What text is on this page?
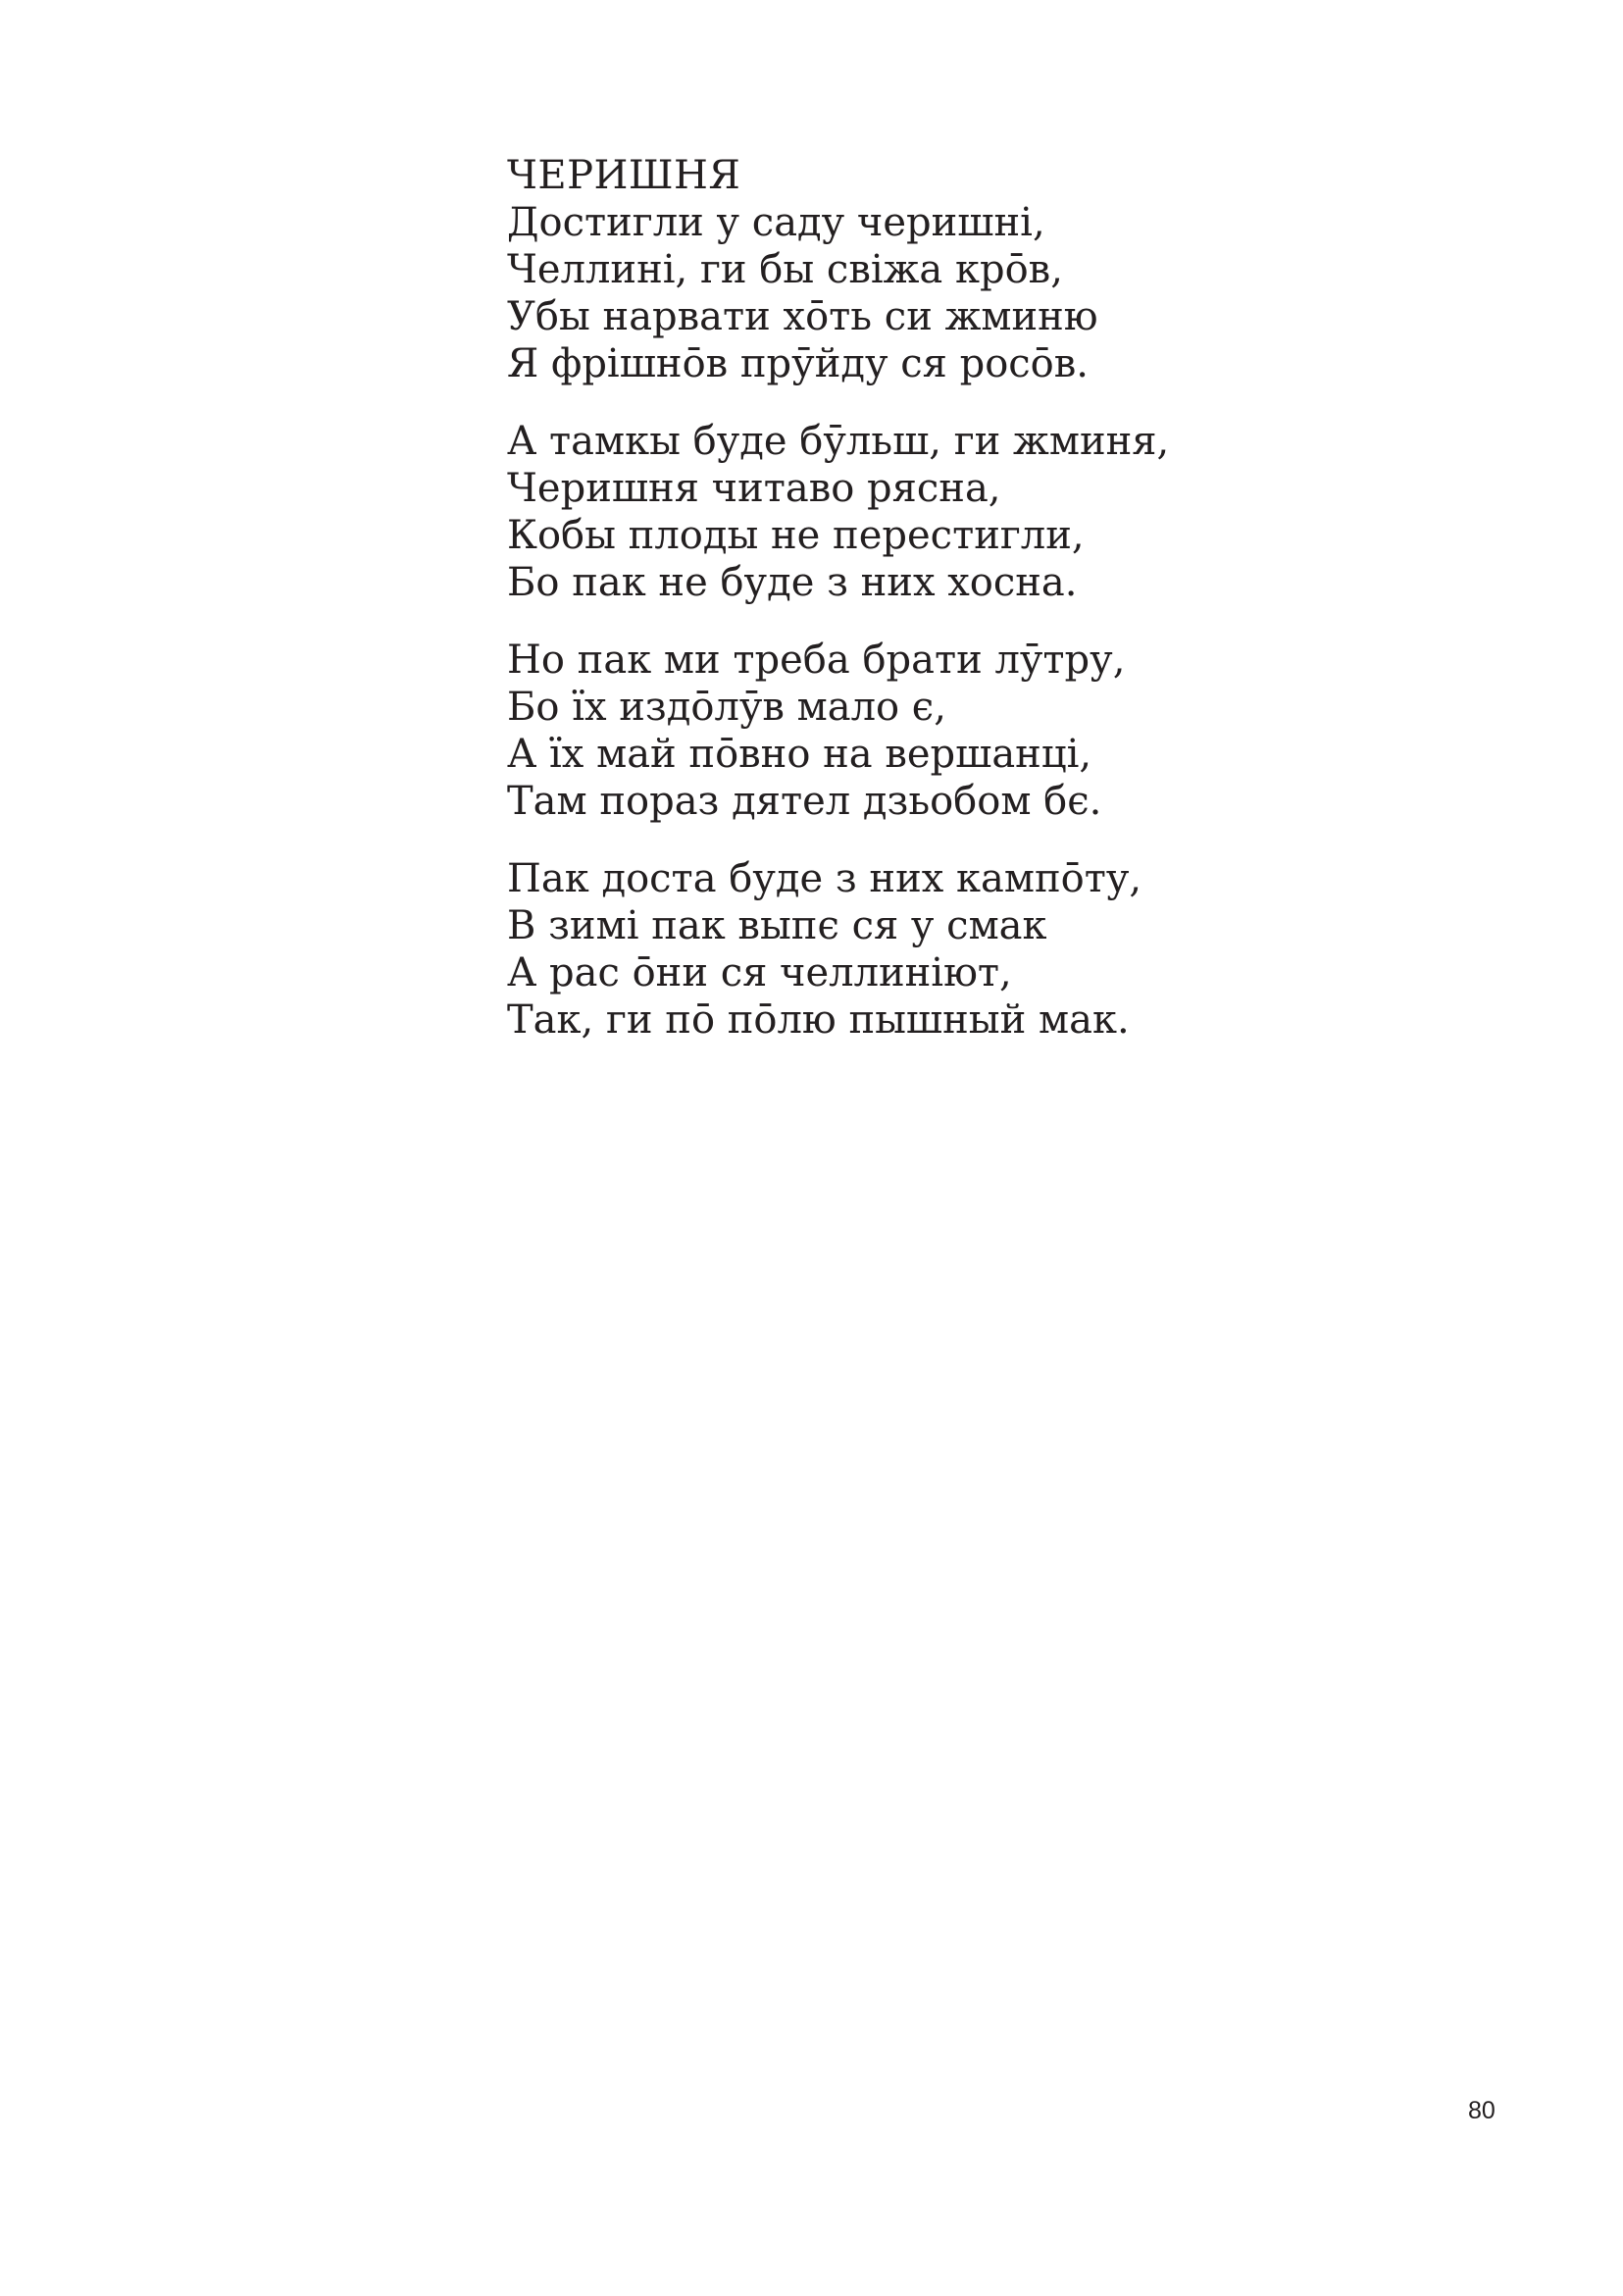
ЧЕРИШНЯ

Достигли у саду черишні,
Челлині, ги бы свіжа кро̄в,
Убы нарвати хо̄ть си жминю
Я фрішно̄в прӯйду ся росо̄в.

А тамкы буде бӯльш, ги жминя,
Черишня читаво рясна,
Кобы плоды не перестигли,
Бо пак не буде з них хосна.

Но пак ми треба брати лӯтру,
Бо їх издо̄лӯв мало є,
А їх май по̄вно на вершанці,
Там пораз дятел дзьобом бє.

Пак доста буде з них кампо̄ту,
В зимі пак выпє ся у смак
А рас о̄ни ся челлиніют,
Так, ги по̄ по̄лю пышный мак.

80
